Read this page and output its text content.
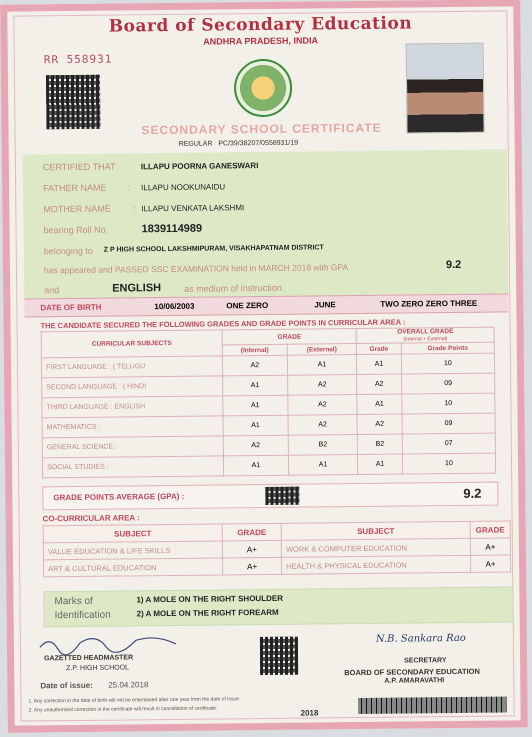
Board of Secondary Education
ANDHRA PRADESH, INDIA
RR 558931
SECONDARY SCHOOL CERTIFICATE
REGULAR PC/39/38207/0558931/19
CERTIFIED THAT	ILLAPU POORNA GANESWARI
FATHER NAME : ILLAPU NOOKUNAIDU
MOTHER NAME : ILLAPU VENKATA LAKSHMI
bearing Roll No.	1839114989
belonging to Z P HIGH SCHOOL LAKSHMIPURAM, VISAKHAPATNAM DISTRICT
has appeared and PASSED SSC EXAMINATION held in MARCH 2018 with GPA	9.2
and	ENGLISH	as medium of instruction.
DATE OF BIRTH	10/06/2003	ONE ZERO	JUNE	TWO ZERO ZERO THREE
THE CANDIDATE SECURED THE FOLLOWING GRADES AND GRADE POINTS IN CURRICULAR AREA :
CURRICULAR SUBJECTS	GRADE		OVERALL GRADE
(Internal + External)	
	(Internal)	(External)	Grade	Grade Points
FIRST LANGUAGE : ( TELUGU	A2	A1	A1	10
SECOND LANGUAGE : ( HINDI	A1	A2	A2	09
THIRD LANGUAGE : ENGLISH	A1	A2	A1	10
MATHEMATICS :	A1	A2	A2	09
GENERAL SCIENCE :	A2	B2	B2	07
SOCIAL STUDIES :	A1	A1	A1	10
GRADE POINTS AVERAGE (GPA) :	9.2
CO-CURRICULAR AREA :
SUBJECT	GRADE	SUBJECT	GRADE
VALUE EDUCATION & LIFE SKILLS	A+	WORK & COMPUTER EDUCATION	A+
ART & CULTURAL EDUCATION	A+	HEALTH & PHYSICAL EDUCATION	A+
Marks of
Identification
1) A MOLE ON THE RIGHT SHOULDER
2) A MOLE ON THE RIGHT FOREARM
GAZETTED HEADMASTER
Z.P. HIGH SCHOOL
Date of issue: 25.04.2018
N.B. Sankara Rao
SECRETARY
BOARD OF SECONDARY EDUCATION
A.P. AMARAVATHI
1. Any correction in the date of birth will not be entertained after one year from the date of issue.
2. Any unauthorised correction in the certificate will result in cancellation of certificate.	2018
